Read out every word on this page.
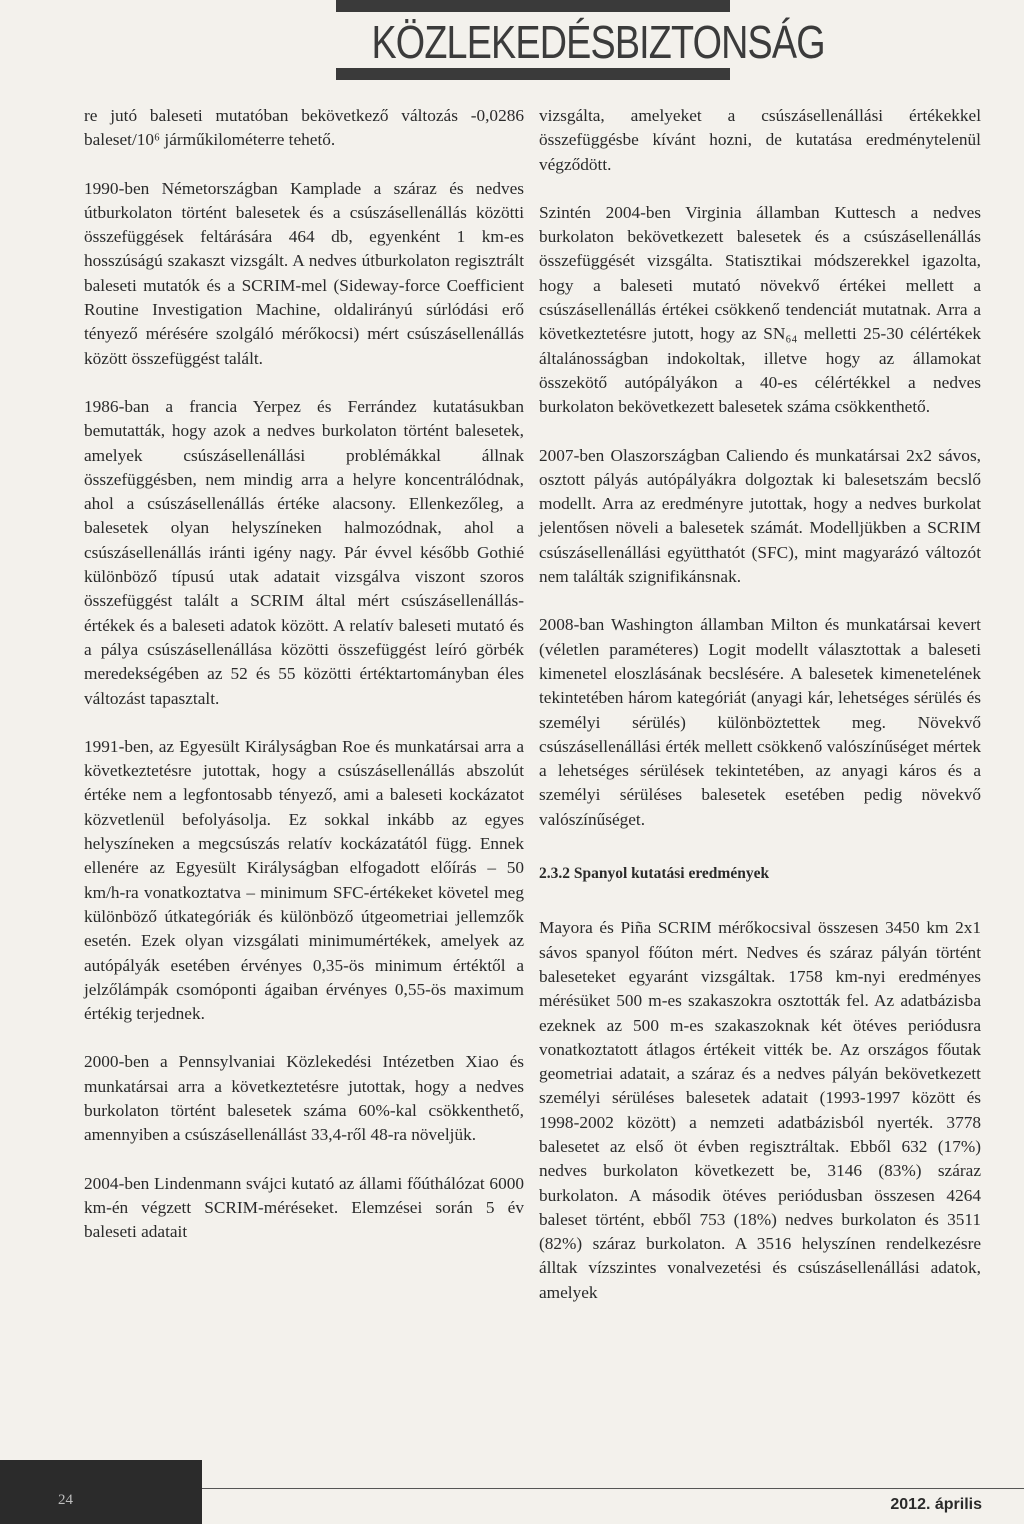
KÖZLEKEDÉSBIZTONSÁG

re jutó baleseti mutatóban bekövetkező változás -0,0286 baleset/10⁶ járműkilométerre tehető.

1990-ben Németországban Kamplade a száraz és nedves útburkolaton történt balesetek és a csúszásellenállás közötti összefüggések feltárására 464 db, egyenként 1 km-es hosszúságú szakaszt vizsgált. A nedves útburkolaton regisztrált baleseti mutatók és a SCRIM-mel (Sideway-force Coefficient Routine Investigation Machine, oldalirányú súrlódási erő tényező mérésére szolgáló mérőkocsi) mért csúszásellenállás között összefüggést talált.

1986-ban a francia Yerpez és Ferrández kutatásukban bemutatták, hogy azok a nedves burkolaton történt balesetek, amelyek csúszásellenállási problémákkal állnak összefüggésben, nem mindig arra a helyre koncentrálódnak, ahol a csúszásellenállás értéke alacsony. Ellenkezőleg, a balesetek olyan helyszíneken halmozódnak, ahol a csúszásellenállás iránti igény nagy. Pár évvel később Gothié különböző típusú utak adatait vizsgálva viszont szoros összefüggést talált a SCRIM által mért csúszásellenállás-értékek és a baleseti adatok között. A relatív baleseti mutató és a pálya csúszásellenállása közötti összefüggést leíró görbék meredekségében az 52 és 55 közötti értéktartományban éles változást tapasztalt.

1991-ben, az Egyesült Királyságban Roe és munkatársai arra a következtetésre jutottak, hogy a csúszásellenállás abszolút értéke nem a legfontosabb tényező, ami a baleseti kockázatot közvetlenül befolyásolja. Ez sokkal inkább az egyes helyszíneken a megcsúszás relatív kockázatától függ. Ennek ellenére az Egyesült Királyságban elfogadott előírás – 50 km/h-ra vonatkoztatva – minimum SFC-értékeket követel meg különböző útkategóriák és különböző útgeometriai jellemzők esetén. Ezek olyan vizsgálati minimumértékek, amelyek az autópályák esetében érvényes 0,35-ös minimum értéktől a jelzőlámpák csomóponti ágaiban érvényes 0,55-ös maximum értékig terjednek.

2000-ben a Pennsylvaniai Közlekedési Intézetben Xiao és munkatársai arra a következtetésre jutottak, hogy a nedves burkolaton történt balesetek száma 60%-kal csökkenthető, amennyiben a csúszásellenállást 33,4-ről 48-ra növeljük.

2004-ben Lindenmann svájci kutató az állami főúthálózat 6000 km-én végzett SCRIM-méréseket. Elemzései során 5 év baleseti adatait

vizsgálta, amelyeket a csúszásellenállási értékekkel összefüggésbe kívánt hozni, de kutatása eredménytelenül végződött.

Szintén 2004-ben Virginia államban Kuttesch a nedves burkolaton bekövetkezett balesetek és a csúszásellenállás összefüggését vizsgálta. Statisztikai módszerekkel igazolta, hogy a baleseti mutató növekvő értékei mellett a csúszásellenállás értékei csökkenő tendenciát mutatnak. Arra a következtetésre jutott, hogy az SN₆₄ melletti 25-30 célértékek általánosságban indokoltak, illetve hogy az államokat összekötő autópályákon a 40-es célértékkel a nedves burkolaton bekövetkezett balesetek száma csökkenthető.

2007-ben Olaszországban Caliendo és munkatársai 2x2 sávos, osztott pályás autópályákra dolgoztak ki balesetszám becslő modellt. Arra az eredményre jutottak, hogy a nedves burkolat jelentősen növeli a balesetek számát. Modelljükben a SCRIM csúszásellenállási együtthatót (SFC), mint magyarázó változót nem találták szignifikánsnak.

2008-ban Washington államban Milton és munkatársai kevert (véletlen paraméteres) Logit modellt választottak a baleseti kimenetel eloszlásának becslésére. A balesetek kimenetelének tekintetében három kategóriát (anyagi kár, lehetséges sérülés és személyi sérülés) különböztettek meg. Növekvő csúszásellenállási érték mellett csökkenő valószínűséget mértek a lehetséges sérülések tekintetében, az anyagi káros és a személyi sérüléses balesetek esetében pedig növekvő valószínűséget.

2.3.2 Spanyol kutatási eredmények

Mayora és Piña SCRIM mérőkocsival összesen 3450 km 2x1 sávos spanyol főúton mért. Nedves és száraz pályán történt baleseteket egyaránt vizsgáltak. 1758 km-nyi eredményes mérésüket 500 m-es szakaszokra osztották fel. Az adatbázisba ezeknek az 500 m-es szakaszoknak két ötéves periódusra vonatkoztatott átlagos értékeit vitték be. Az országos főutak geometriai adatait, a száraz és a nedves pályán bekövetkezett személyi sérüléses balesetek adatait (1993-1997 között és 1998-2002 között) a nemzeti adatbázisból nyerték. 3778 balesetet az első öt évben regisztráltak. Ebből 632 (17%) nedves burkolaton következett be, 3146 (83%) száraz burkolaton. A második ötéves periódusban összesen 4264 baleset történt, ebből 753 (18%) nedves burkolaton és 3511 (82%) száraz burkolaton. A 3516 helyszínen rendelkezésre álltak vízszintes vonalvezetési és csúszásellenállási adatok, amelyek

24	2012. április
